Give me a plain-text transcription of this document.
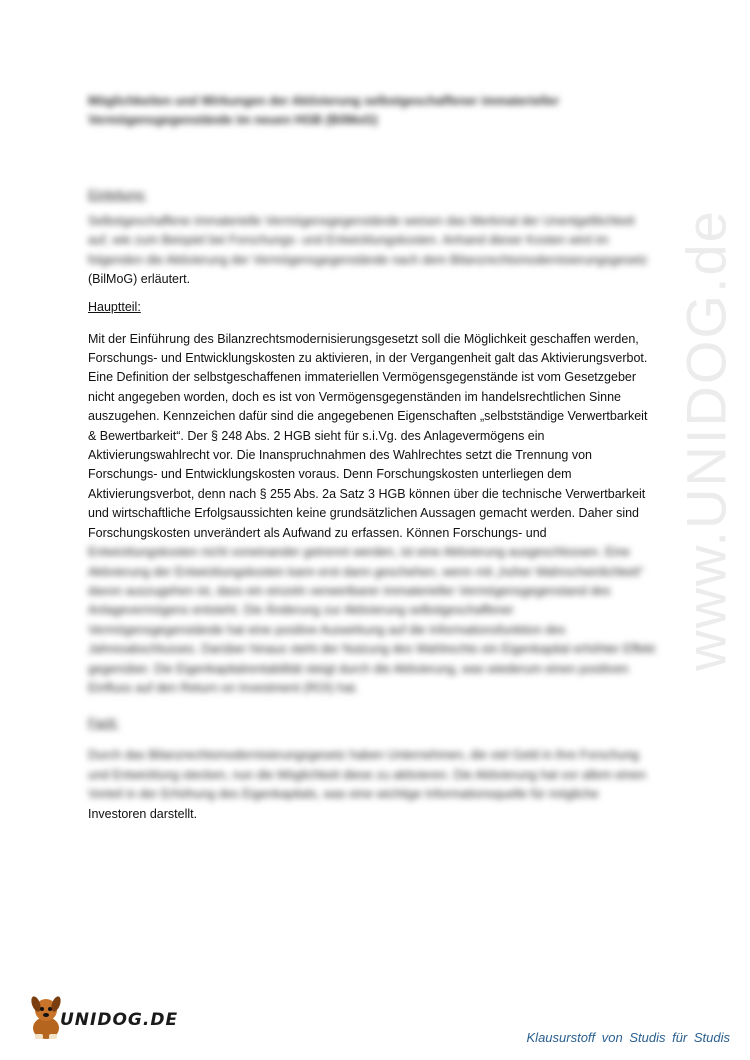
www.UNIDOG.de
Möglichkeiten und Wirkungen der Aktivierung selbstgeschaffener immaterieller
Vermögensgegenstände im neuen HGB (BilMoG)
Einleitung:
Selbstgeschaffene immaterielle Vermögensgegenstände weisen das Merkmal der Unentgeltlichkeit
auf, wie zum Beispiel bei Forschungs- und Entwicklungskosten. Anhand dieser Kosten wird im
folgenden die Aktivierung der Vermögensgegenstände nach dem Bilanzrechtsmodernisierungsgesetz
(BilMoG) erläutert.
Hauptteil:
Mit der Einführung des Bilanzrechtsmodernisierungsgesetzt soll die Möglichkeit geschaffen werden,
Forschungs- und Entwicklungskosten zu aktivieren, in der Vergangenheit galt das Aktivierungsverbot.
Eine Definition der selbstgeschaffenen immateriellen Vermögensgegenstände ist vom Gesetzgeber
nicht angegeben worden, doch es ist von Vermögensgegenständen im handelsrechtlichen Sinne
auszugehen. Kennzeichen dafür sind die angegebenen Eigenschaften „selbstständige Verwertbarkeit
& Bewertbarkeit“. Der § 248 Abs. 2 HGB sieht für s.i.Vg. des Anlagevermögens ein
Aktivierungswahlrecht vor. Die Inanspruchnahmen des Wahlrechtes setzt die Trennung von
Forschungs- und Entwicklungskosten voraus. Denn Forschungskosten unterliegen dem
Aktivierungsverbot, denn nach § 255 Abs. 2a Satz 3 HGB können über die technische Verwertbarkeit
und wirtschaftliche Erfolgsaussichten keine grundsätzlichen Aussagen gemacht werden. Daher sind
Forschungskosten unverändert als Aufwand zu erfassen. Können Forschungs- und
Entwicklungskosten nicht voneinander getrennt werden, ist eine Aktivierung ausgeschlossen. Eine
Aktivierung der Entwicklungskosten kann erst dann geschehen, wenn mit „hoher Wahrscheinlichkeit“
davon auszugehen ist, dass ein einzeln verwertbarer immaterieller Vermögensgegenstand des
Anlagevermögens entsteht. Die Änderung zur Aktivierung selbstgeschaffener
Vermögensgegenstände hat eine positive Auswirkung auf die Informationsfunktion des
Jahresabschlusses. Darüber hinaus steht der Nutzung des Wahlrechts ein Eigenkapital erhöhter Effekt
gegenüber. Die Eigenkapitalrentabilität steigt durch die Aktivierung, was wiederum einen positiven
Einfluss auf den Return on Investment (ROI) hat.
Fazit:
Durch das Bilanzrechtsmodernisierungsgesetz haben Unternehmen, die viel Geld in ihre Forschung
und Entwicklung stecken, nun die Möglichkeit diese zu aktivieren. Die Aktivierung hat vor allem einen
Vorteil in der Erhöhung des Eigenkapitals, was eine wichtige Informationsquelle für mögliche
Investoren darstellt.
UNIDOG.DE
Klausurstoff von Studis für Studis
